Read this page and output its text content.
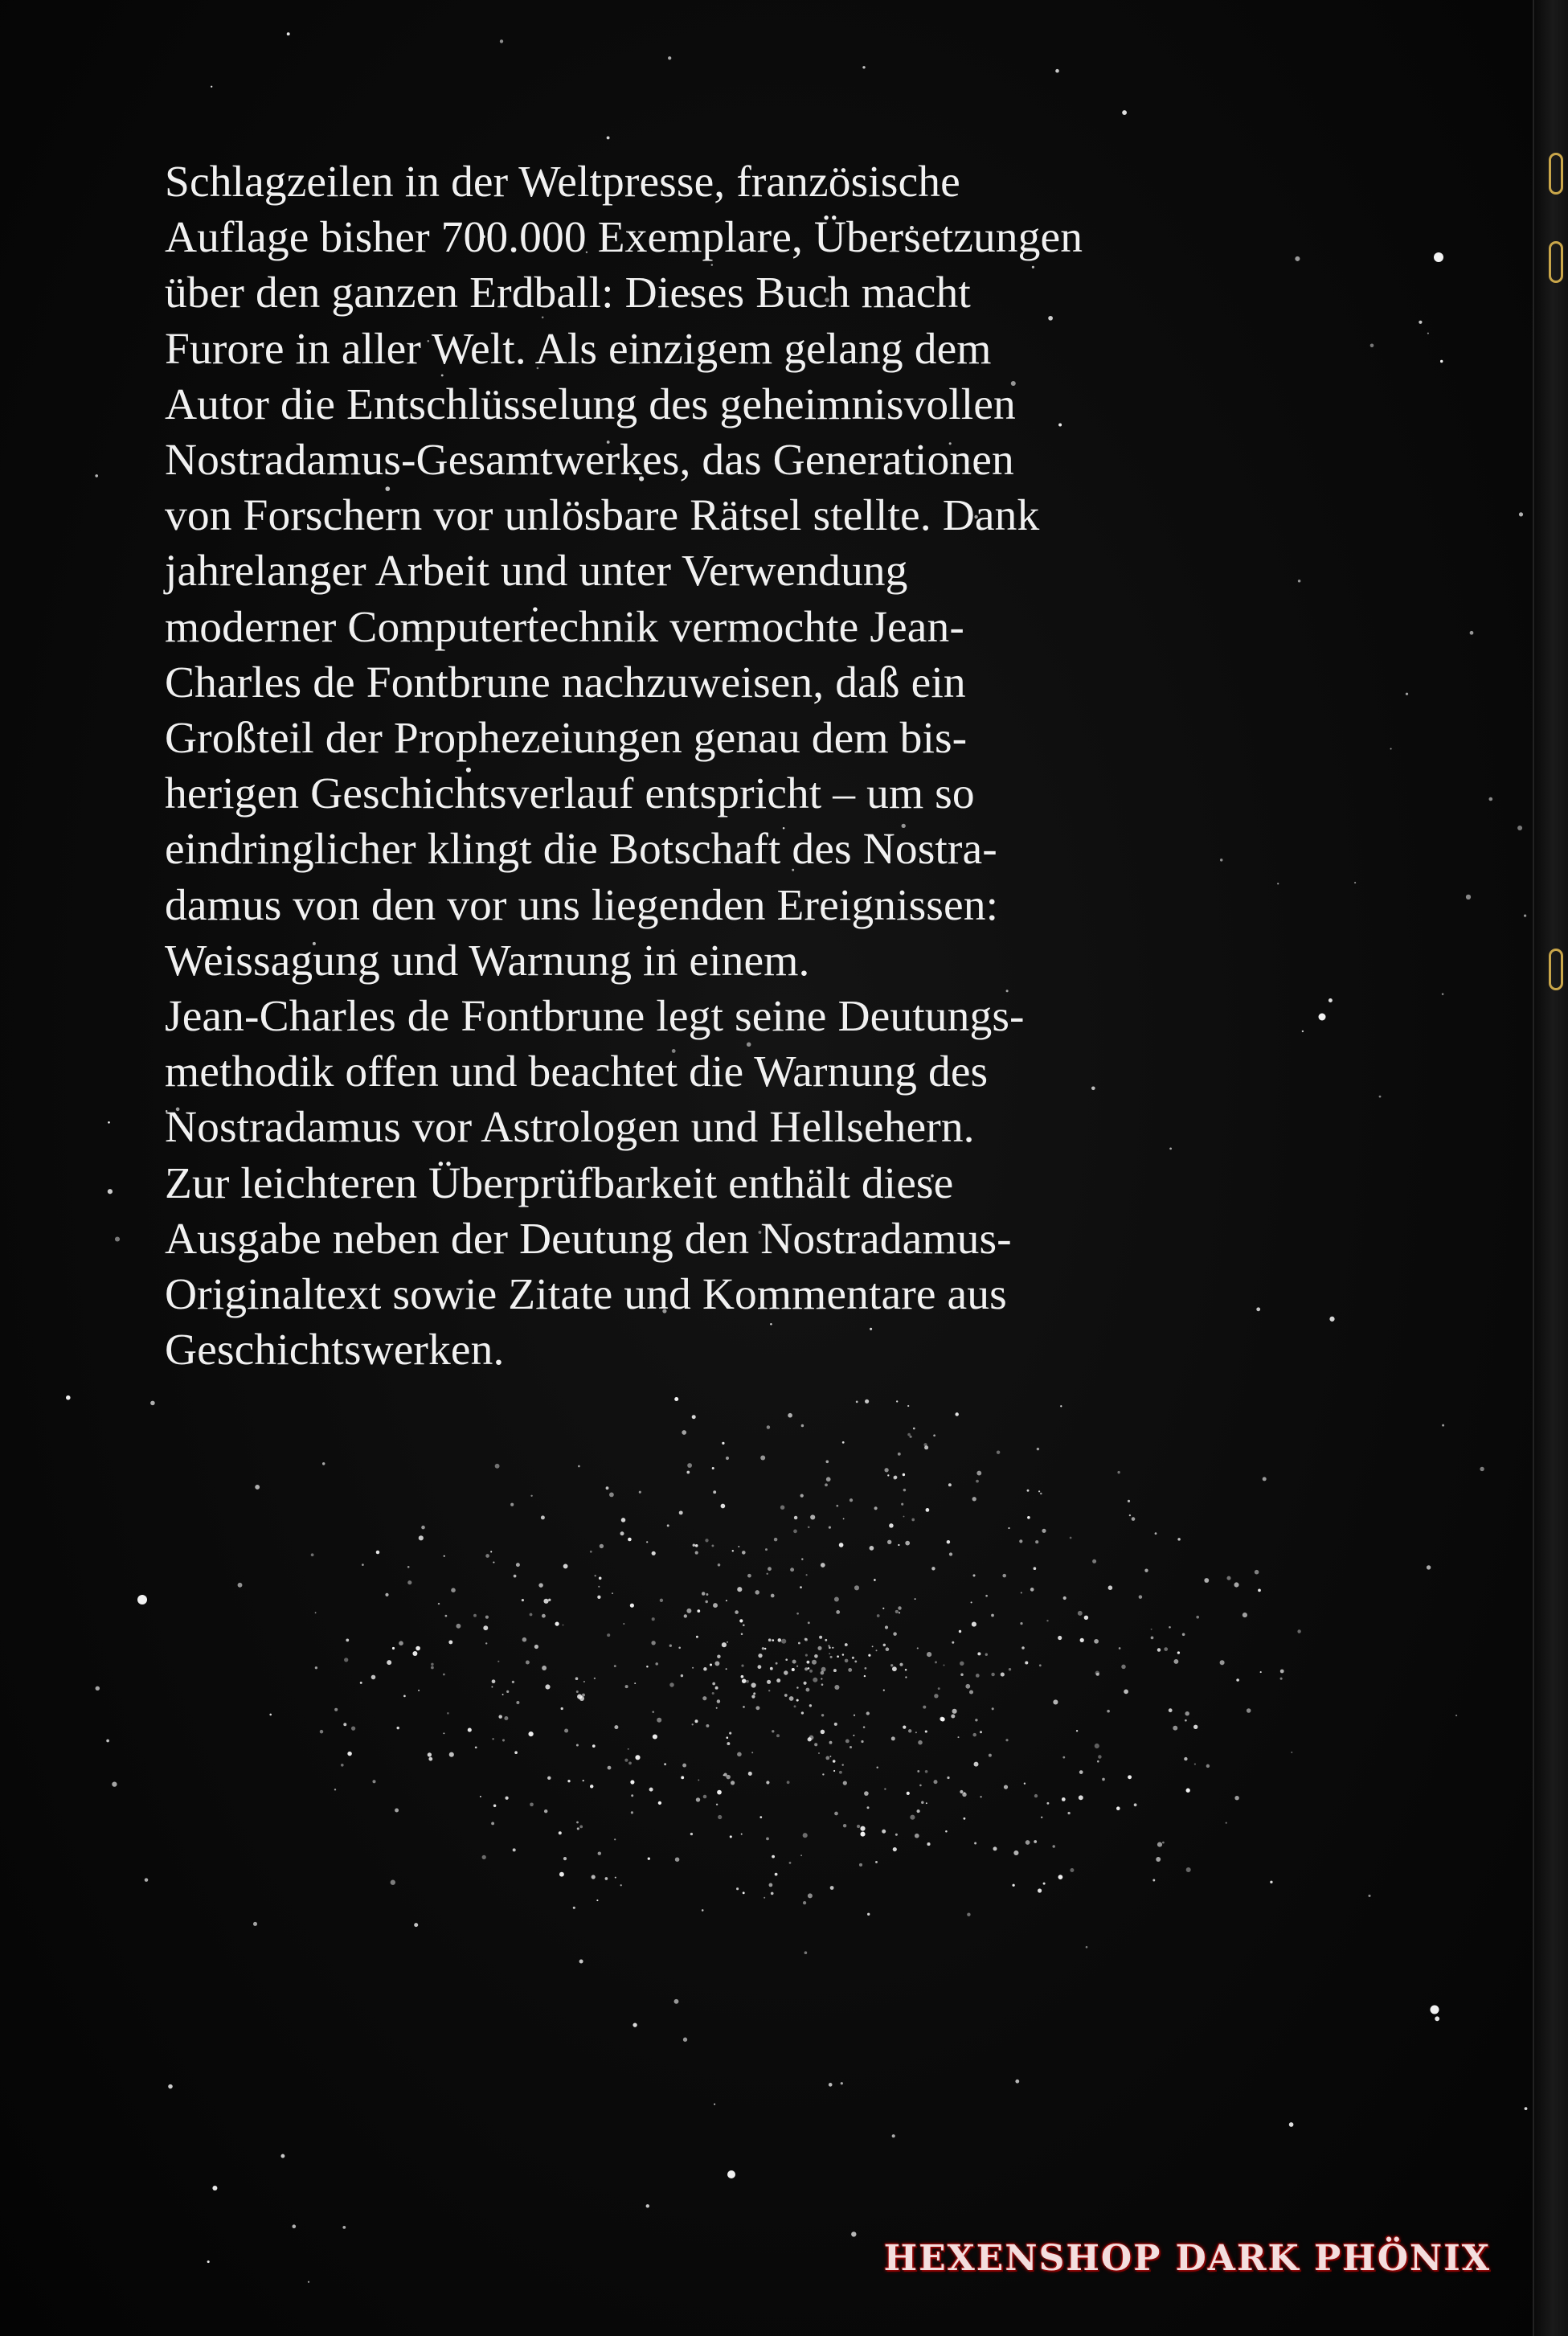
Schlagzeilen in der Weltpresse, französische
Auflage bisher 700.000 Exemplare, Übersetzungen
über den ganzen Erdball: Dieses Buch macht
Furore in aller Welt. Als einzigem gelang dem
Autor die Entschlüsselung des geheimnisvollen
Nostradamus-Gesamtwerkes, das Generationen
von Forschern vor unlösbare Rätsel stellte. Dank
jahrelanger Arbeit und unter Verwendung
moderner Computertechnik vermochte Jean-
Charles de Fontbrune nachzuweisen, daß ein
Großteil der Prophezeiungen genau dem bis-
herigen Geschichtsverlauf entspricht – um so
eindringlicher klingt die Botschaft des Nostra-
damus von den vor uns liegenden Ereignissen:
Weissagung und Warnung in einem.
Jean-Charles de Fontbrune legt seine Deutungs-
methodik offen und beachtet die Warnung des
Nostradamus vor Astrologen und Hellsehern.
Zur leichteren Überprüfbarkeit enthält diese
Ausgabe neben der Deutung den Nostradamus-
Originaltext sowie Zitate und Kommentare aus
Geschichtswerken.

HEXENSHOP DARK PHÖNIX
